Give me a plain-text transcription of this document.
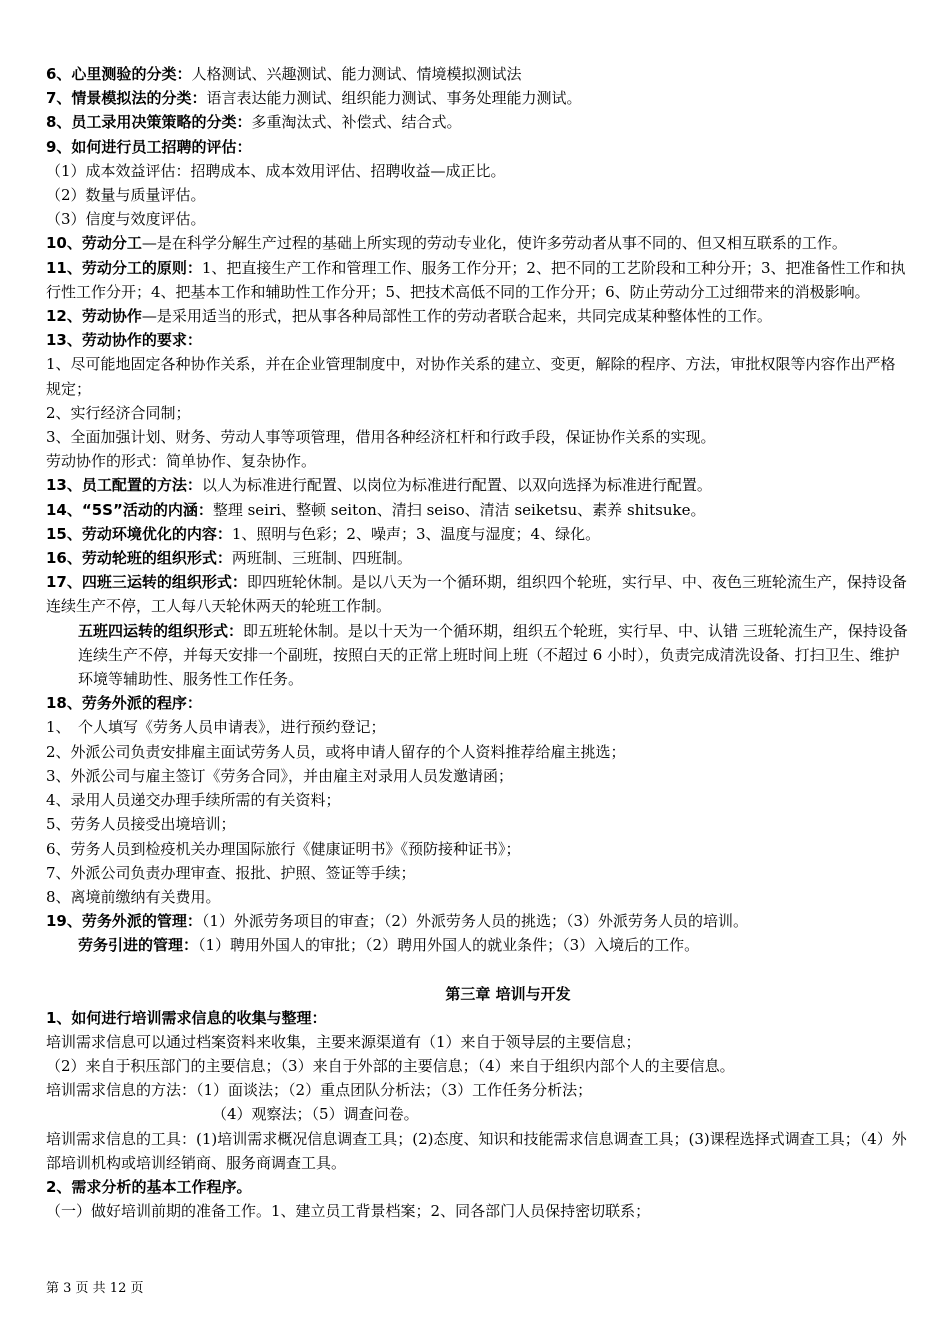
6、心里测验的分类：人格测试、兴趣测试、能力测试、情境模拟测试法

7、情景模拟法的分类：语言表达能力测试、组织能力测试、事务处理能力测试。

8、员工录用决策策略的分类：多重淘汰式、补偿式、结合式。

9、如何进行员工招聘的评估：

（1）成本效益评估：招聘成本、成本效用评估、招聘收益—成正比。

（2）数量与质量评估。

（3）信度与效度评估。

10、劳动分工—是在科学分解生产过程的基础上所实现的劳动专业化，使许多劳动者从事不同的、但又相互联系的工作。

11、劳动分工的原则：1、把直接生产工作和管理工作、服务工作分开；2、把不同的工艺阶段和工种分开；3、把准备性工作和执行性工作分开；4、把基本工作和辅助性工作分开；5、把技术高低不同的工作分开；6、防止劳动分工过细带来的消极影响。

12、劳动协作—是采用适当的形式，把从事各种局部性工作的劳动者联合起来，共同完成某种整体性的工作。

13、劳动协作的要求：

1、尽可能地固定各种协作关系，并在企业管理制度中，对协作关系的建立、变更，解除的程序、方法，审批权限等内容作出严格规定；

2、实行经济合同制；

3、全面加强计划、财务、劳动人事等项管理，借用各种经济杠杆和行政手段，保证协作关系的实现。

劳动协作的形式：简单协作、复杂协作。

13、员工配置的方法：以人为标准进行配置、以岗位为标准进行配置、以双向选择为标准进行配置。

14、“5S”活动的内涵：整理 seiri、整顿 seiton、清扫 seiso、清洁 seiketsu、素养 shitsuke。

15、劳动环境优化的内容：1、照明与色彩；2、噪声；3、温度与湿度；4、绿化。

16、劳动轮班的组织形式：两班制、三班制、四班制。

17、四班三运转的组织形式：即四班轮休制。是以八天为一个循环期，组织四个轮班，实行早、中、夜色三班轮流生产，保持设备连续生产不停，工人每八天轮休两天的轮班工作制。

五班四运转的组织形式：即五班轮休制。是以十天为一个循环期，组织五个轮班，实行早、中、认错 三班轮流生产，保持设备连续生产不停，并每天安排一个副班，按照白天的正常上班时间上班（不超过 6 小时），负责完成清洗设备、打扫卫生、维护环境等辅助性、服务性工作任务。

18、劳务外派的程序：

1、　个人填写《劳务人员申请表》，进行预约登记；

2、外派公司负责安排雇主面试劳务人员，或将申请人留存的个人资料推荐给雇主挑选；

3、外派公司与雇主签订《劳务合同》，并由雇主对录用人员发邀请函；

4、录用人员递交办理手续所需的有关资料；

5、劳务人员接受出境培训；

6、劳务人员到检疫机关办理国际旅行《健康证明书》《预防接种证书》；

7、外派公司负责办理审查、报批、护照、签证等手续；

8、离境前缴纳有关费用。

19、劳务外派的管理：（1）外派劳务项目的审查；（2）外派劳务人员的挑选；（3）外派劳务人员的培训。

劳务引进的管理：（1）聘用外国人的审批；（2）聘用外国人的就业条件；（3）入境后的工作。

第三章 培训与开发

1、如何进行培训需求信息的收集与整理：

培训需求信息可以通过档案资料来收集，主要来源渠道有（1）来自于领导层的主要信息；

（2）来自于积压部门的主要信息；（3）来自于外部的主要信息；（4）来自于组织内部个人的主要信息。

培训需求信息的方法：（1）面谈法；（2）重点团队分析法；（3）工作任务分析法；

（4）观察法；（5）调查问卷。

培训需求信息的工具：(1)培训需求概况信息调查工具；(2)态度、知识和技能需求信息调查工具；(3)课程选择式调查工具；（4）外部培训机构或培训经销商、服务商调查工具。

2、需求分析的基本工作程序。

（一）做好培训前期的准备工作。1、建立员工背景档案；2、同各部门人员保持密切联系；

第 3 页 共 12 页
